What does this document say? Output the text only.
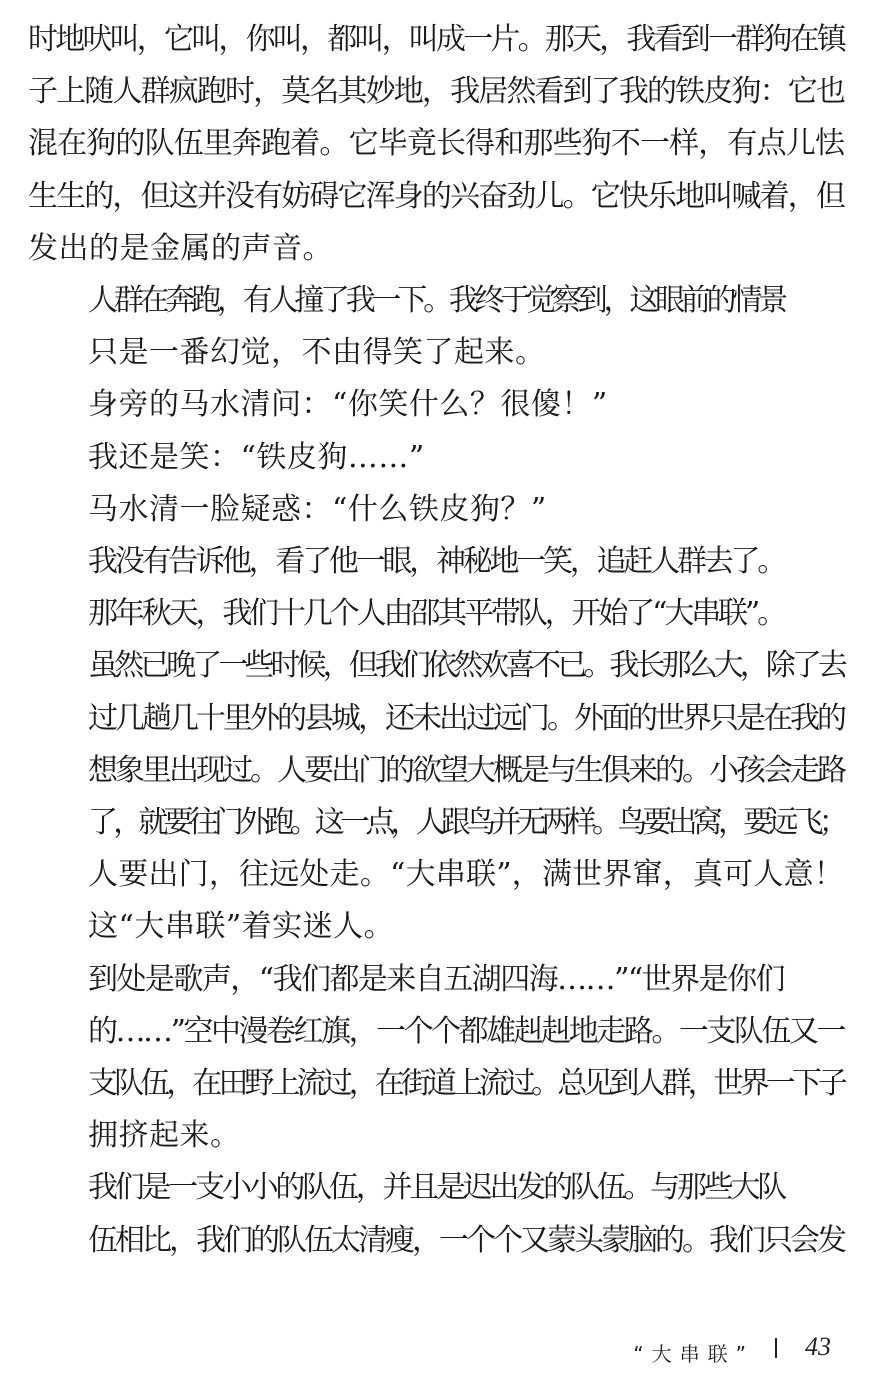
时地吠叫，它叫，你叫，都叫，叫成一片。那天，我看到一群狗在镇
子上随人群疯跑时，莫名其妙地，我居然看到了我的铁皮狗：它也
混在狗的队伍里奔跑着。它毕竟长得和那些狗不一样，有点儿怯
生生的，但这并没有妨碍它浑身的兴奋劲儿。它快乐地叫喊着，但
发出的是金属的声音。

人群在奔跑，有人撞了我一下。我终于觉察到，这眼前的情景
只是一番幻觉，不由得笑了起来。

身旁的马水清问：“你笑什么？很傻！”

我还是笑：“铁皮狗……”

马水清一脸疑惑：“什么铁皮狗？”

我没有告诉他，看了他一眼，神秘地一笑，追赶人群去了。

那年秋天，我们十几个人由邵其平带队，开始了“大串联”。
虽然已晚了一些时候，但我们依然欢喜不已。我长那么大，除了去
过几趟几十里外的县城，还未出过远门。外面的世界只是在我的
想象里出现过。人要出门的欲望大概是与生俱来的。小孩会走路
了，就要往门外跑。这一点，人跟鸟并无两样。鸟要出窝，要远飞；
人要出门，往远处走。“大串联”，满世界窜，真可人意！

这“大串联”着实迷人。

到处是歌声，“我们都是来自五湖四海……”“世界是你们
的……”空中漫卷红旗，一个个都雄赳赳地走路。一支队伍又一
支队伍，在田野上流过，在街道上流过。总见到人群，世界一下子
拥挤起来。

我们是一支小小的队伍，并且是迟出发的队伍。与那些大队
伍相比，我们的队伍太清瘦，一个个又蒙头蒙脑的。我们只会发

“大串联” 43
